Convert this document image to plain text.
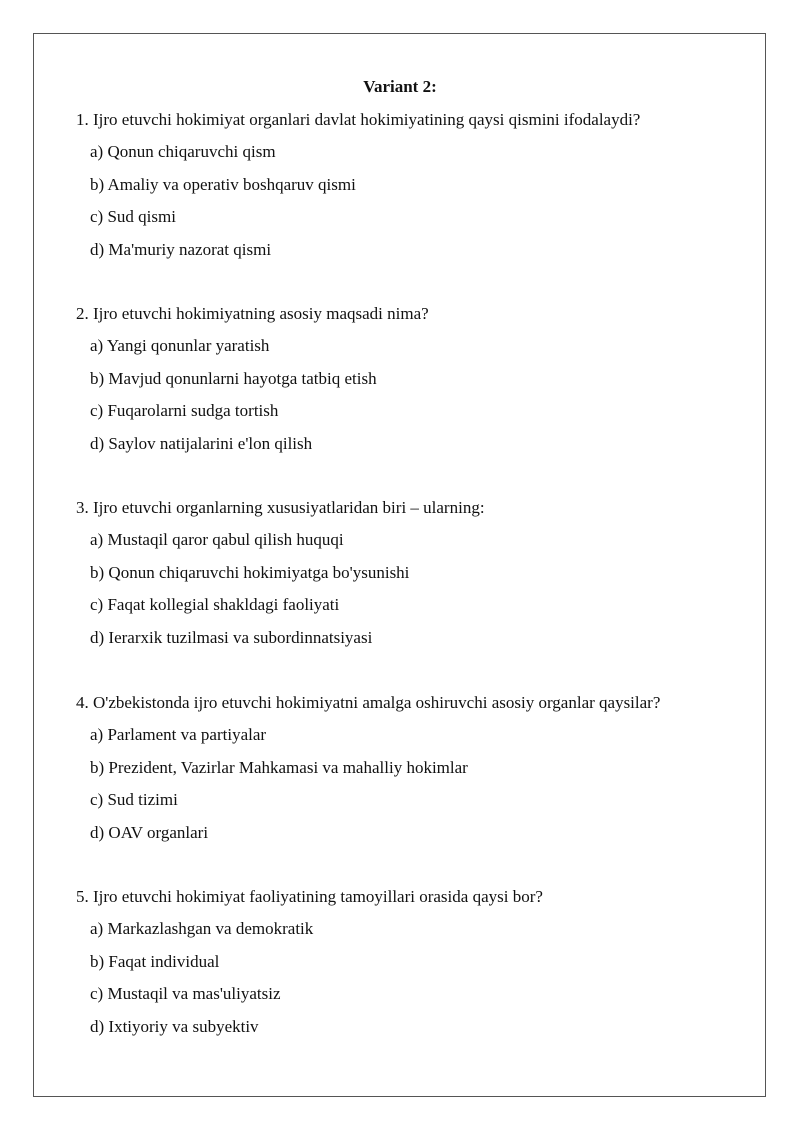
Variant 2:
1. Ijro etuvchi hokimiyat organlari davlat hokimiyatining qaysi qismini ifodalaydi?
a) Qonun chiqaruvchi qism
b) Amaliy va operativ boshqaruv qismi
c) Sud qismi
d) Ma'muriy nazorat qismi
2. Ijro etuvchi hokimiyatning asosiy maqsadi nima?
a) Yangi qonunlar yaratish
b) Mavjud qonunlarni hayotga tatbiq etish
c) Fuqarolarni sudga tortish
d) Saylov natijalarini e'lon qilish
3. Ijro etuvchi organlarning xususiyatlaridan biri – ularning:
a) Mustaqil qaror qabul qilish huquqi
b) Qonun chiqaruvchi hokimiyatga bo'ysunishi
c) Faqat kollegial shakldagi faoliyati
d) Ierarxik tuzilmasi va subordinnatsiyasi
4. O'zbekistonda ijro etuvchi hokimiyatni amalga oshiruvchi asosiy organlar qaysilar?
a) Parlament va partiyalar
b) Prezident, Vazirlar Mahkamasi va mahalliy hokimlar
c) Sud tizimi
d) OAV organlari
5. Ijro etuvchi hokimiyat faoliyatining tamoyillari orasida qaysi bor?
a) Markazlashgan va demokratik
b) Faqat individual
c) Mustaqil va mas'uliyatsiz
d) Ixtiyoriy va subyektiv
